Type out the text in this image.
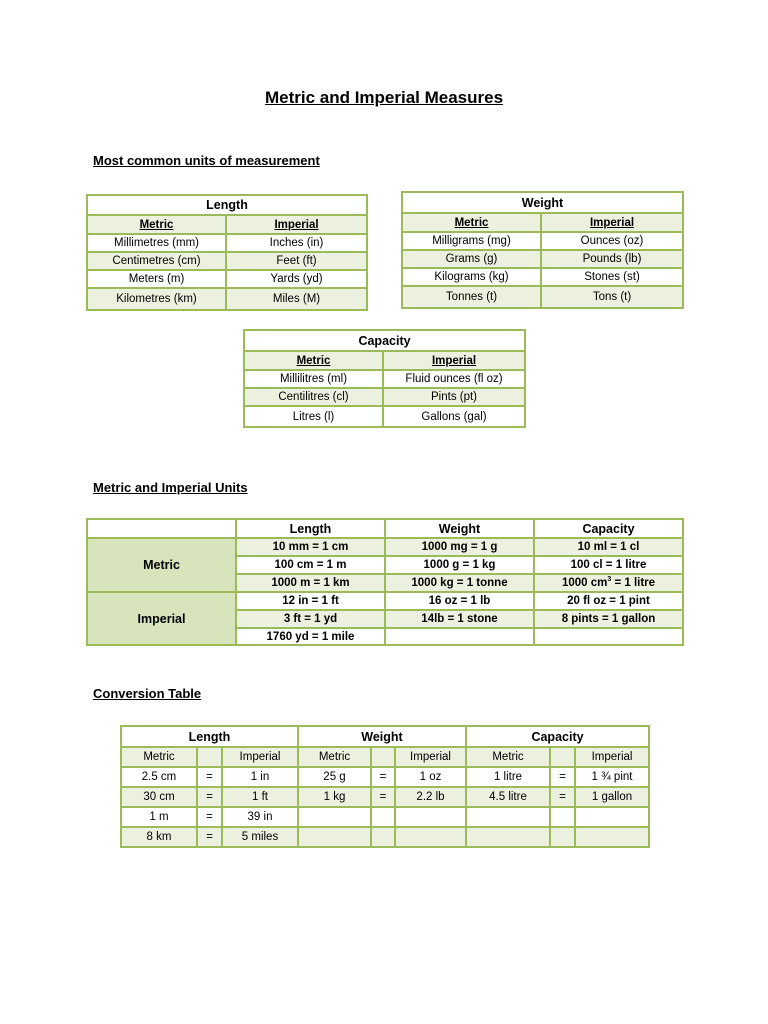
Metric and Imperial Measures
Most common units of measurement
Length	
Metric	Imperial
Millimetres (mm)	Inches (in)
Centimetres (cm)	Feet (ft)
Meters (m)	Yards (yd)
Kilometres (km)	Miles (M)
Weight	
Metric	Imperial
Milligrams (mg)	Ounces (oz)
Grams (g)	Pounds (lb)
Kilograms (kg)	Stones (st)
Tonnes (t)	Tons (t)
Capacity	
Metric	Imperial
Millilitres (ml)	Fluid ounces (fl oz)
Centilitres (cl)	Pints (pt)
Litres (l)	Gallons (gal)
Metric and Imperial Units
	Length	Weight	Capacity
Metric	10 mm = 1 cm	1000 mg = 1 g	10 ml = 1 cl
	100 cm = 1 m	1000 g = 1 kg	100 cl = 1 litre
	1000 m = 1 km	1000 kg = 1 tonne	1000 $cm^3 = 1$ litre
Imperial	12 in = 1 ft	16 oz = 1 lb	20 fl oz = 1 pint
	3 ft = 1 yd	14lb = 1 stone	8 pints = 1 gallon
	1760 yd = 1 mile		
Conversion Table
Length			Weight			Capacity		
Metric		Imperial	Metric		Imperial	Metric		Imperial
2.5 cm	=	1 in	25 g	=	1 oz	1 litre	=	1 ¾ pint
30 cm	=	1 ft	1 kg	=	2.2 lb	4.5 litre	=	1 gallon
1 m	=	39 in						
8 km	=	5 miles						
